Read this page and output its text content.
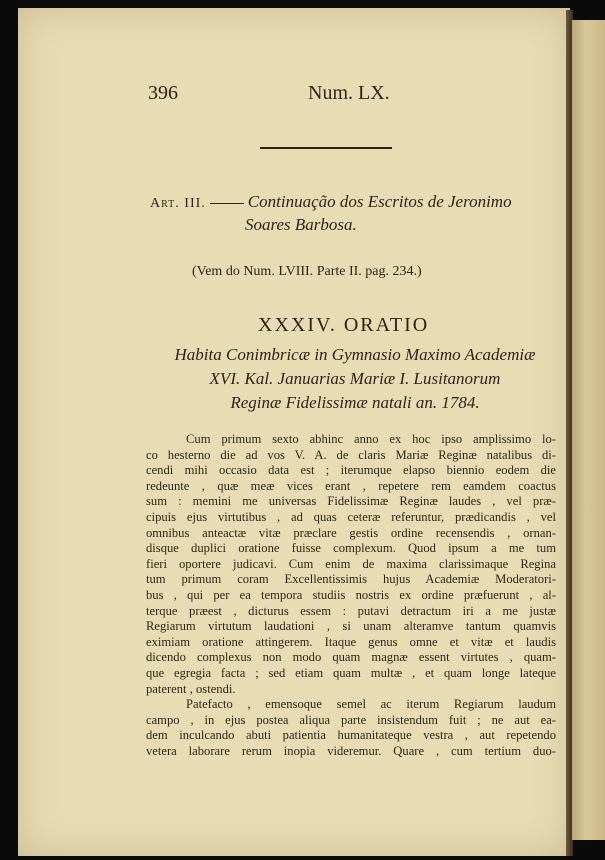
396	Num. LX.
Art. III. Continuação dos Escritos de Jeronimo
Soares Barbosa.
(Vem do Num. LVIII. Parte II. pag. 234.)
XXXIV. ORATIO
Habita Conimbricæ in Gymnasio Maximo Academiæ
XVI. Kal. Januarias Mariæ I. Lusitanorum
Reginæ Fidelissimæ natali an. 1784.
Cum primum sexto abhinc anno ex hoc ipso amplissimo lo-
co hesterno die ad vos V. A. de claris Mariæ Reginæ natalibus di-
cendi mihi occasio data est ; iterumque elapso biennio eodem die
redeunte , quæ meæ vices erant , repetere rem eamdem coactus
sum : memini me universas Fidelissimæ Reginæ laudes , vel præ-
cipuis ejus virtutibus , ad quas ceteræ referuntur, prædicandis , vel
omnibus anteactæ vitæ præclare gestis ordine recensendis , ornan-
disque duplici oratione fuisse complexum. Quod ipsum a me tum
fieri oportere judicavi. Cum enim de maxima clarissimaque Regina
tum primum coram Excellentissimis hujus Academiæ Moderatori-
bus , qui per ea tempora studiis nostris ex ordine præfuerunt , al-
terque præest , dicturus essem : putavi detractum iri a me justæ
Regiarum virtutum laudationi , si unam alteramve tantum quamvis
eximiam oratione attingerem. Itaque genus omne et vitæ et laudis
dicendo complexus non modo quam magnæ essent virtutes , quam-
que egregia facta ; sed etiam quam multæ , et quam longe lateque
paterent , ostendi.
Patefacto , emensoque semel ac iterum Regiarum laudum
campo , in ejus postea aliqua parte insistendum fuit ; ne aut ea-
dem inculcando abuti patientia humanitateque vestra , aut repetendo
vetera laborare rerum inopia videremur. Quare , cum tertium duo-
